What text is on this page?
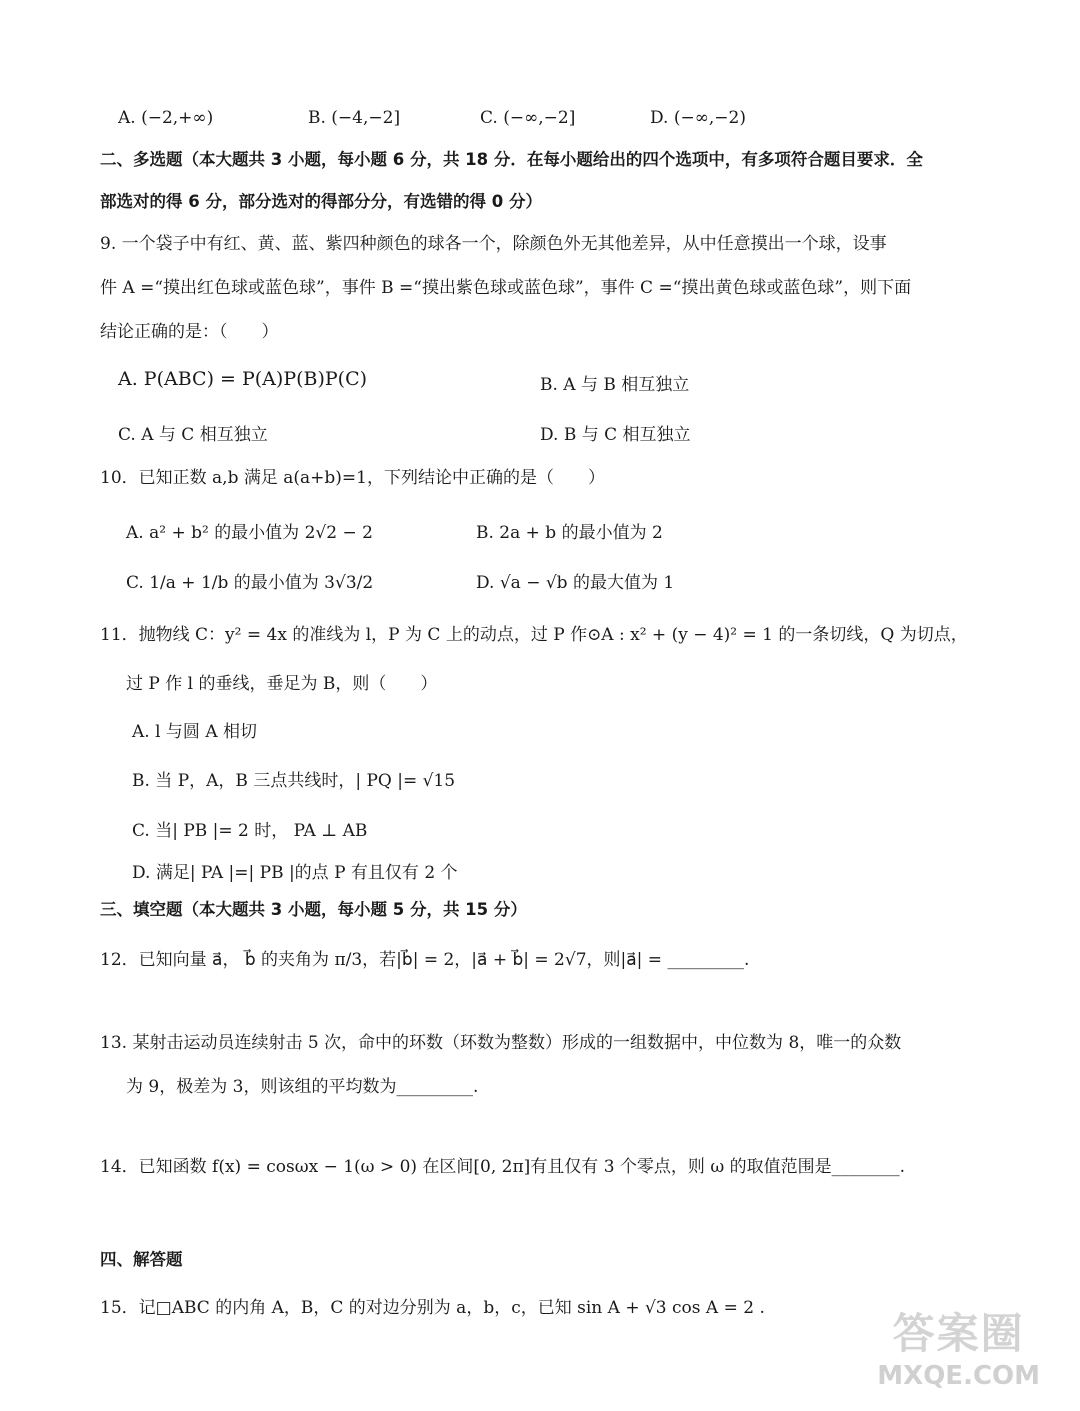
A. (−2,+∞)	B. (−4,−2]	C. (−∞,−2]	D. (−∞,−2)
二、多选题（本大题共 3 小题，每小题 6 分，共 18 分．在每小题给出的四个选项中，有多项符合题目要求．全
部选对的得 6 分，部分选对的得部分分，有选错的得 0 分）
9. 一个袋子中有红、黄、蓝、紫四种颜色的球各一个，除颜色外无其他差异，从中任意摸出一个球，设事
件 A =“摸出红色球或蓝色球”，事件 B =“摸出紫色球或蓝色球”，事件 C =“摸出黄色球或蓝色球”，则下面
结论正确的是：（　　）
A. P(ABC) = P(A)P(B)P(C)	B. A 与 B 相互独立
C. A 与 C 相互独立	D. B 与 C 相互独立
10．已知正数 a,b 满足 a(a+b)=1，下列结论中正确的是（　　）
A. a² + b² 的最小值为 2√2 − 2	B. 2a + b 的最小值为 2
C. 1/a + 1/b 的最小值为 3√3/2	D. √a − √b 的最大值为 1
11．抛物线 C：y² = 4x 的准线为 l，P 为 C 上的动点，过 P 作⊙A : x² + (y − 4)² = 1 的一条切线，Q 为切点，
过 P 作 l 的垂线，垂足为 B，则（　　）
A. l 与圆 A 相切
B. 当 P，A，B 三点共线时，| PQ |= √15
C. 当| PB |= 2 时， PA ⊥ AB
D. 满足| PA |=| PB |的点 P 有且仅有 2 个
三、填空题（本大题共 3 小题，每小题 5 分，共 15 分）
12．已知向量 a⃗， b⃗ 的夹角为 π/3，若|b⃗| = 2，|a⃗ + b⃗| = 2√7，则|a⃗| = _________.
13. 某射击运动员连续射击 5 次，命中的环数（环数为整数）形成的一组数据中，中位数为 8，唯一的众数
为 9，极差为 3，则该组的平均数为_________.
14．已知函数 f(x) = cosωx − 1(ω > 0) 在区间[0, 2π]有且仅有 3 个零点，则 ω 的取值范围是________.
四、解答题
15．记□ABC 的内角 A，B，C 的对边分别为 a，b，c，已知 sin A + √3 cos A = 2 .
答案圈
MXQE.COM
